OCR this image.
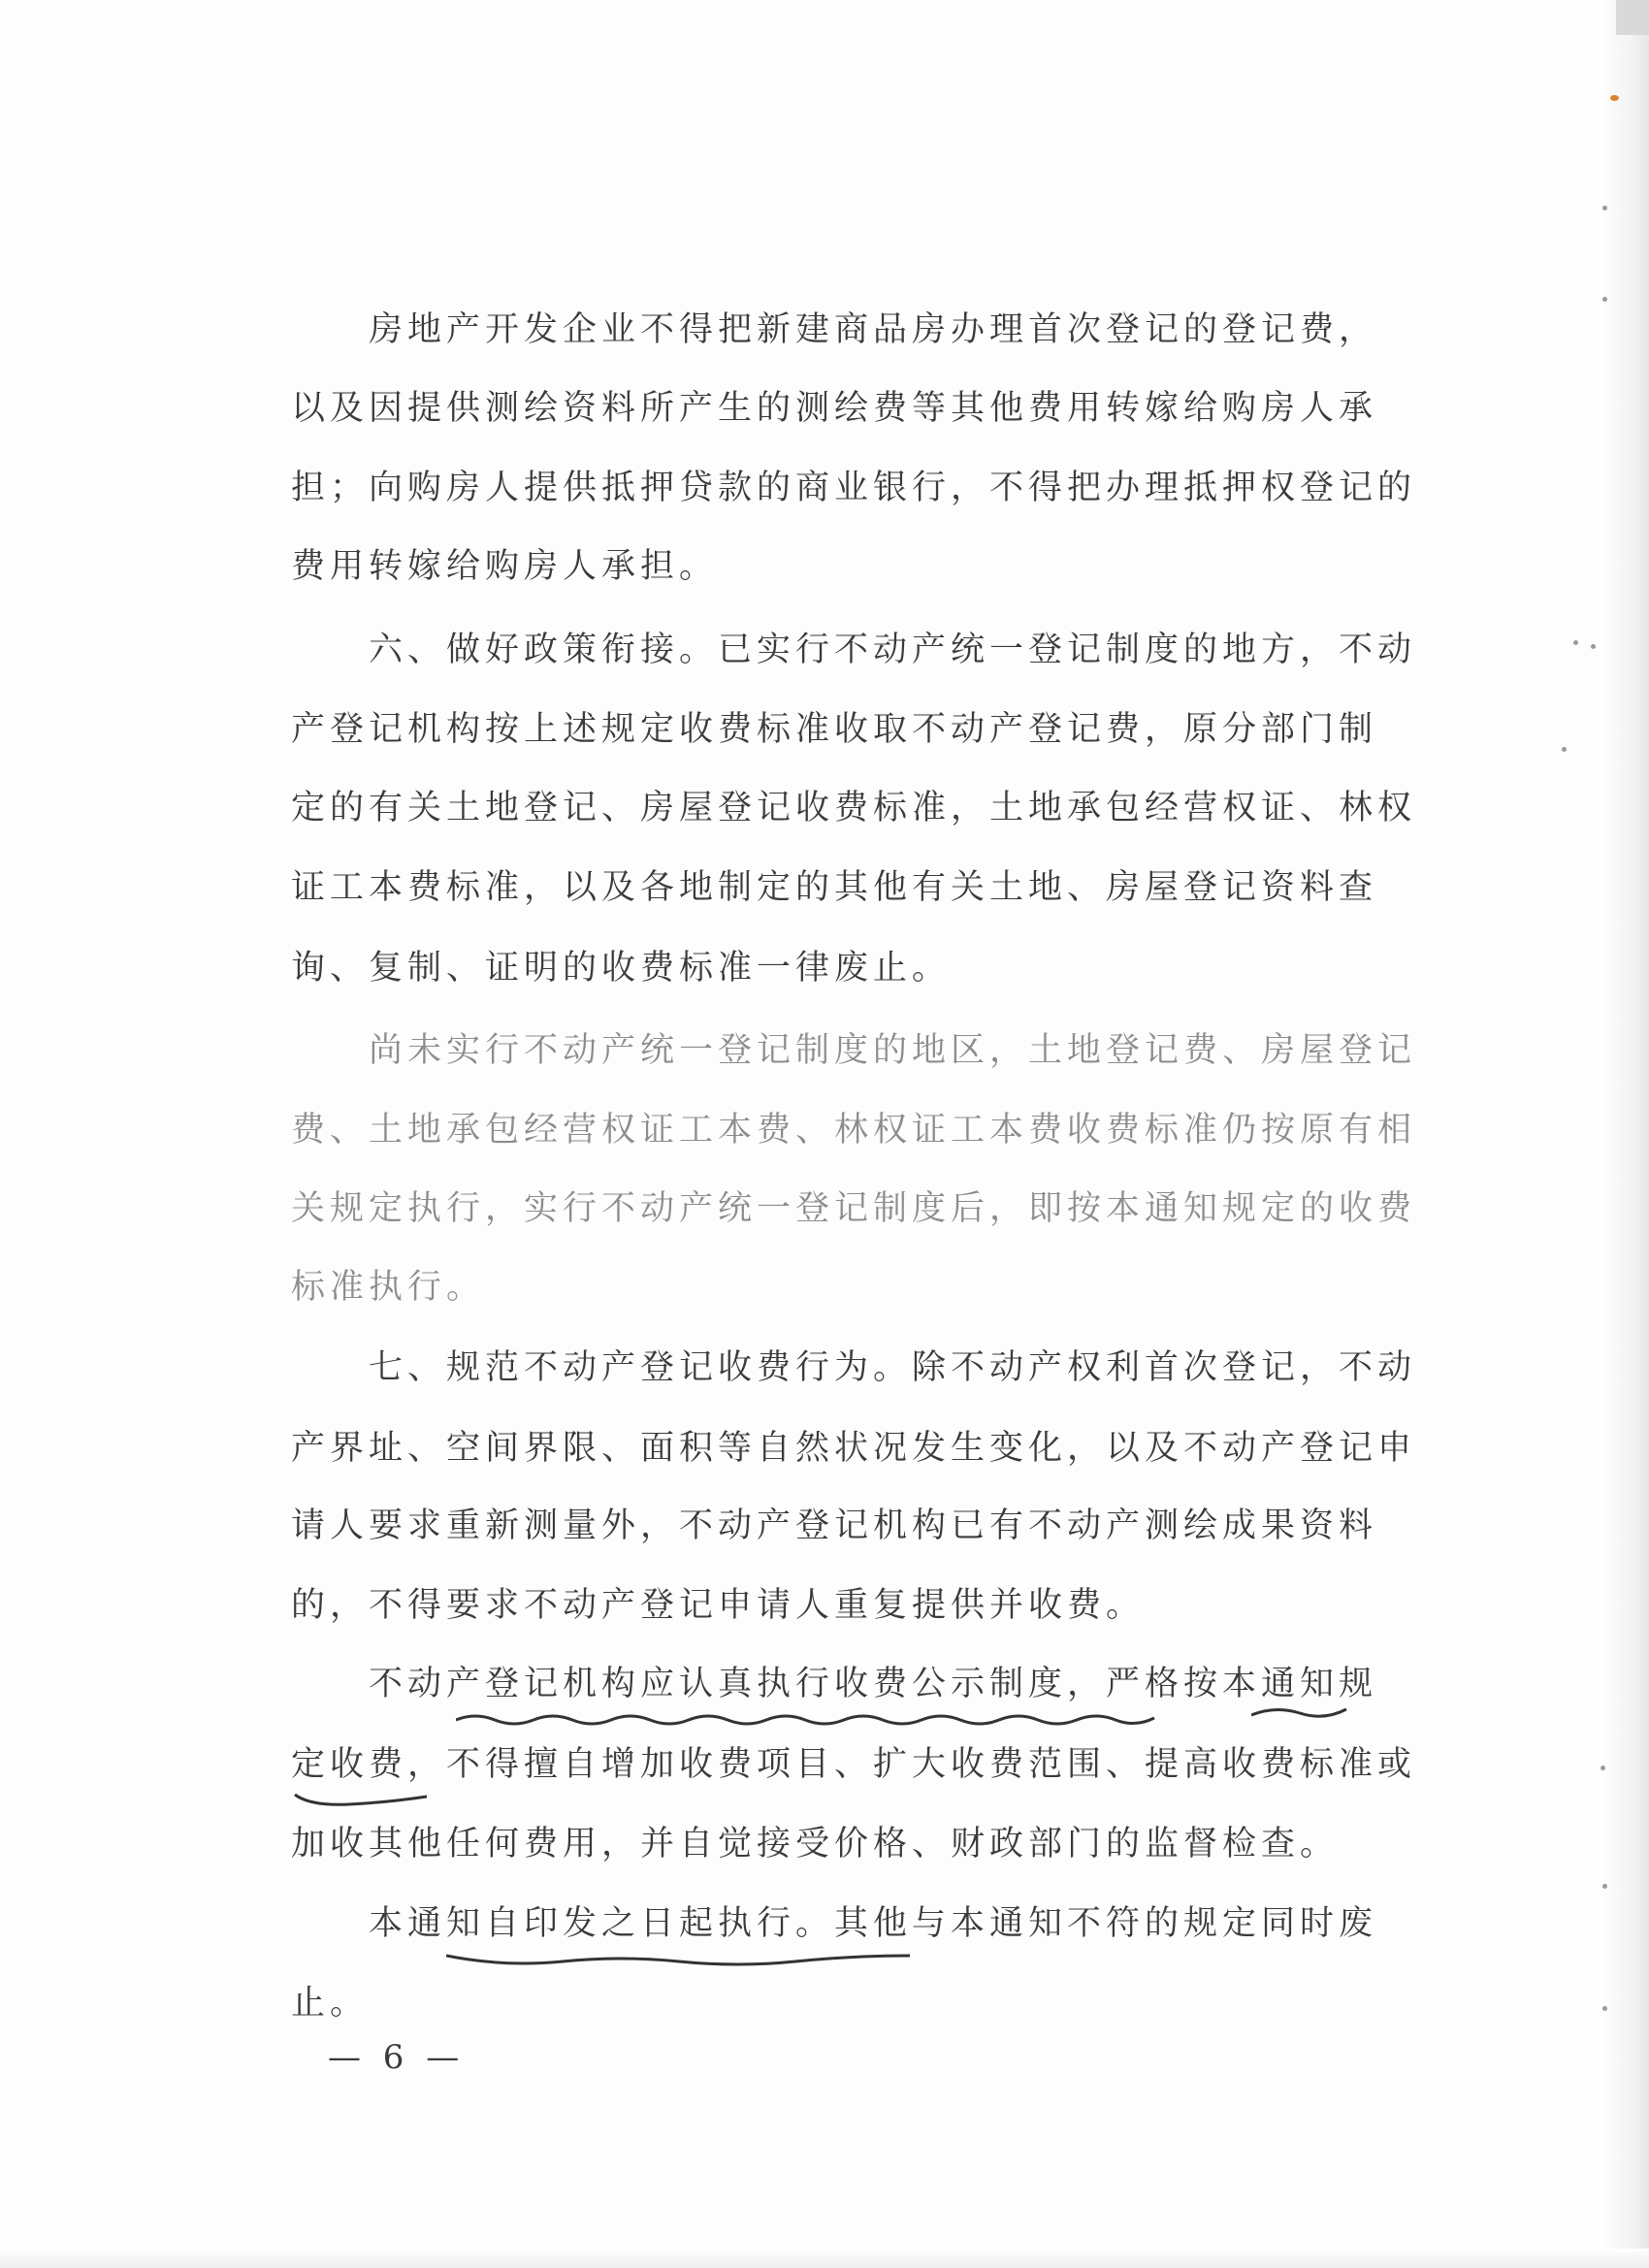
房地产开发企业不得把新建商品房办理首次登记的登记费，
以及因提供测绘资料所产生的测绘费等其他费用转嫁给购房人承
担；向购房人提供抵押贷款的商业银行，不得把办理抵押权登记的
费用转嫁给购房人承担。
六、做好政策衔接。已实行不动产统一登记制度的地方，不动
产登记机构按上述规定收费标准收取不动产登记费，原分部门制
定的有关土地登记、房屋登记收费标准，土地承包经营权证、林权
证工本费标准，以及各地制定的其他有关土地、房屋登记资料查
询、复制、证明的收费标准一律废止。
尚未实行不动产统一登记制度的地区，土地登记费、房屋登记
费、土地承包经营权证工本费、林权证工本费收费标准仍按原有相
关规定执行，实行不动产统一登记制度后，即按本通知规定的收费
标准执行。
七、规范不动产登记收费行为。除不动产权利首次登记，不动
产界址、空间界限、面积等自然状况发生变化，以及不动产登记申
请人要求重新测量外，不动产登记机构已有不动产测绘成果资料
的，不得要求不动产登记申请人重复提供并收费。
不动产登记机构应认真执行收费公示制度，严格按本通知规
定收费，不得擅自增加收费项目、扩大收费范围、提高收费标准或
加收其他任何费用，并自觉接受价格、财政部门的监督检查。
本通知自印发之日起执行。其他与本通知不符的规定同时废
止。
— 6 —
